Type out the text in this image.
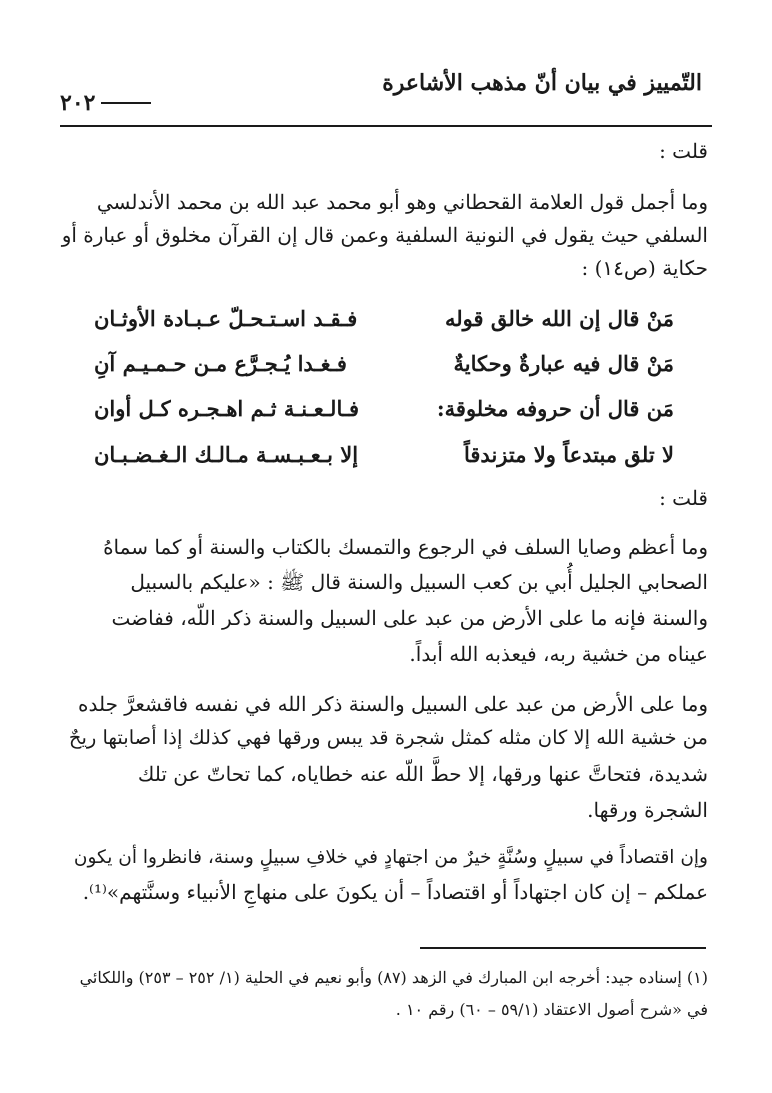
التّمييز في بيان أنّ مذهب الأشاعرة
٢٠٢
قلت :
وما أجمل قول العلامة القحطاني وهو أبو محمد عبد الله بن محمد الأندلسي
السلفي حيث يقول في النونية السلفية وعمن قال إن القرآن مخلوق أو عبارة أو
حكاية (ص١٤) :
مَنْ قال إن الله خالق قوله
فـقـد اسـتـحـلّ عـبـادة الأوثـان
مَنْ قال فيه عبارةٌ وحكايةٌ
فـغـدا يُـجـرَّع مـن حـمـيـم آنِ
مَن قال أن حروفه مخلوقة:
فـالـعـنـة ثـم اهـجـره كـل أوان
لا تلق مبتدعاً ولا متزندقاً
إلا بـعـبـسـة مـالـك الـغـضـبـان
قلت :
وما أعظم وصايا السلف في الرجوع والتمسك بالكتاب والسنة أو كما سماهُ
الصحابي الجليل أُبي بن كعب السبيل والسنة قال ﷺ : «عليكم بالسبيل
والسنة فإنه ما على الأرض من عبد على السبيل والسنة ذكر اللّه، ففاضت
عيناه من خشية ربه، فيعذبه الله أبداً.
وما على الأرض من عبد على السبيل والسنة ذكر الله في نفسه فاقشعرَّ جلده
من خشية الله إلا كان مثله كمثل شجرة قد يبس ورقها فهي كذلك إذا أصابتها ريحٌ
شديدة، فتحاتَّ عنها ورقها، إلا حطَّ اللّه عنه خطاياه، كما تحاتّ عن تلك
الشجرة ورقها.
وإن اقتصاداً في سبيلٍ وسُنَّةٍ خيرٌ من اجتهادٍ في خلافِ سبيلٍ وسنة، فانظروا أن يكون
عملكم – إن كان اجتهاداً أو اقتصاداً – أن يكونَ على منهاجِ الأنبياء وسنَّتهم»⁽¹⁾.
(١) إسناده جيد: أخرجه ابن المبارك في الزهد (٨٧) وأبو نعيم في الحلية (١/ ٢٥٢ – ٢٥٣) واللكائي
في «شرح أصول الاعتقاد (٥٩/١ – ٦٠) رقم ١٠ .
